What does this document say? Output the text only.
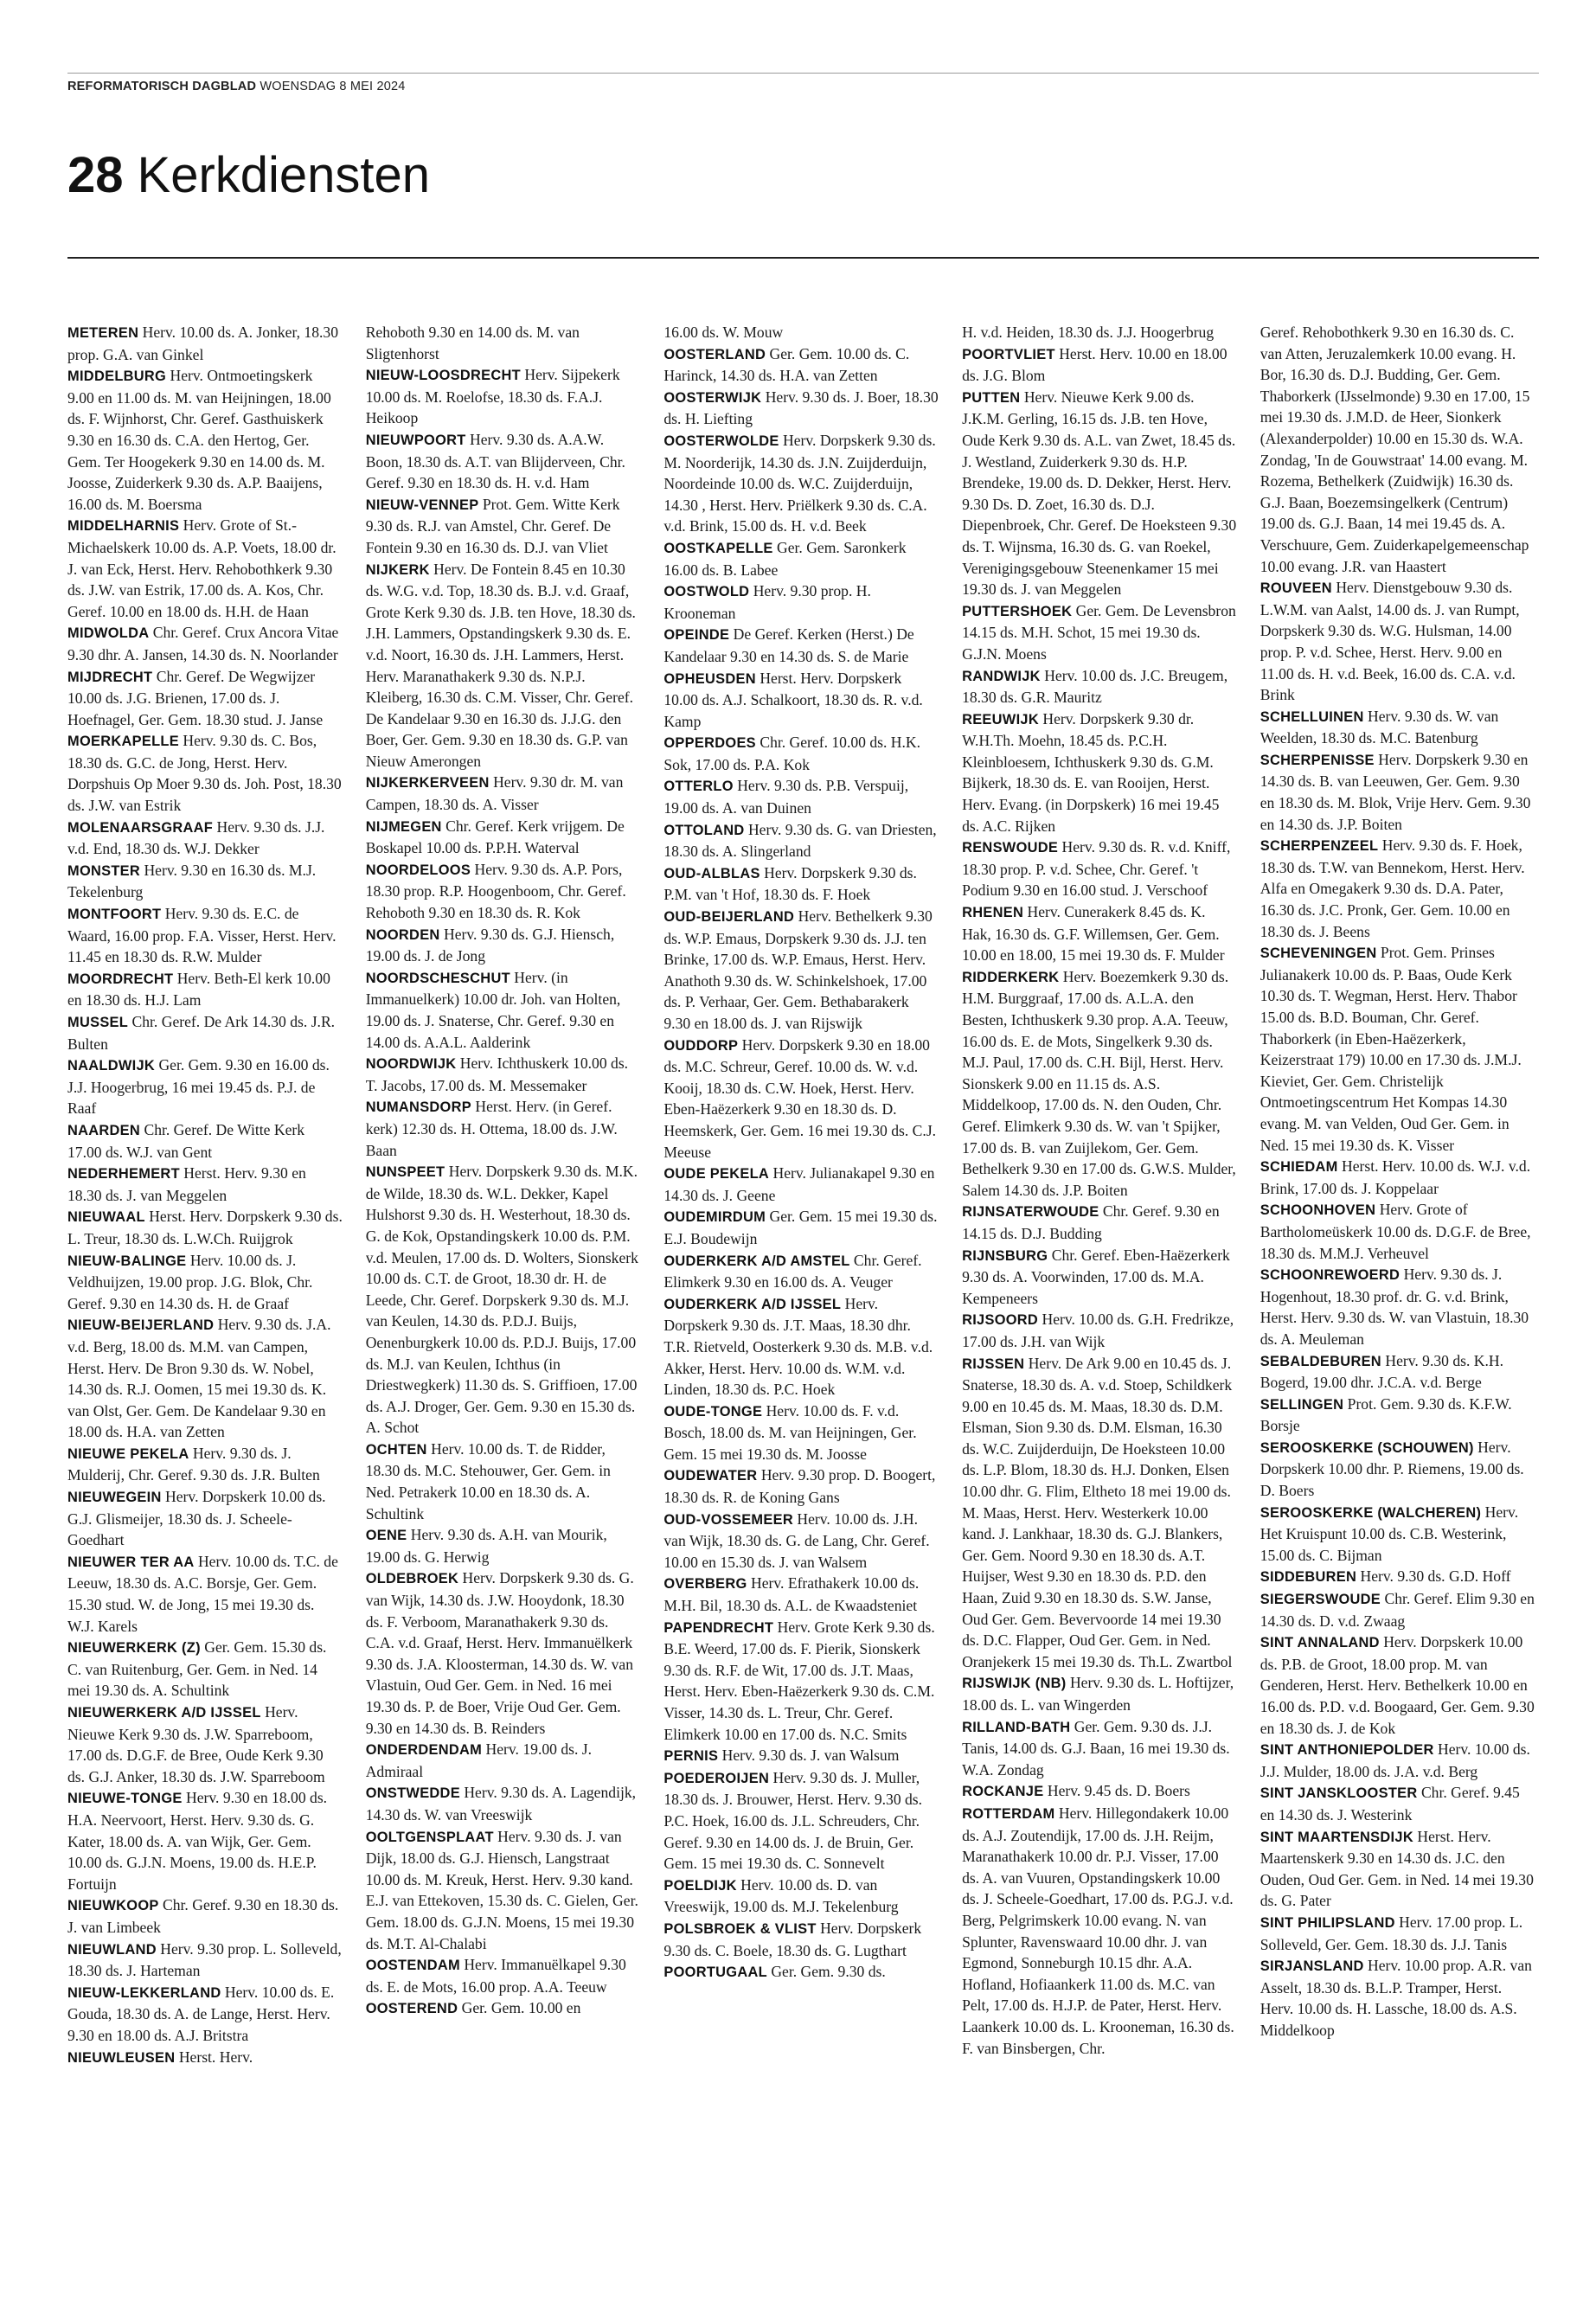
REFORMATORISCH DAGBLAD WOENSDAG 8 MEI 2024
28 Kerkdiensten
METEREN Herv. 10.00 ds. A. Jonker, 18.30 prop. G.A. van Ginkel
MIDDELBURG Herv. Ontmoetingskerk 9.00 en 11.00 ds. M. van Heijningen, 18.00 ds. F. Wijnhorst, Chr. Geref. Gasthuiskerk 9.30 en 16.30 ds. C.A. den Hertog, Ger. Gem. Ter Hoogekerk 9.30 en 14.00 ds. M. Joosse, Zuiderkerk 9.30 ds. A.P. Baaijens, 16.00 ds. M. Boersma
MIDDELHARNIS Herv. Grote of St.-Michaelskerk 10.00 ds. A.P. Voets, 18.00 dr. J. van Eck, Herst. Herv. Rehobothkerk 9.30 ds. J.W. van Estrik, 17.00 ds. A. Kos, Chr. Geref. 10.00 en 18.00 ds. H.H. de Haan
MIDWOLDA Chr. Geref. Crux Ancora Vitae 9.30 dhr. A. Jansen, 14.30 ds. N. Noorlander
MIJDRECHT Chr. Geref. De Wegwijzer 10.00 ds. J.G. Brienen, 17.00 ds. J. Hoefnagel, Ger. Gem. 18.30 stud. J. Janse
MOERKAPELLE Herv. 9.30 ds. C. Bos, 18.30 ds. G.C. de Jong, Herst. Herv. Dorpshuis Op Moer 9.30 ds. Joh. Post, 18.30 ds. J.W. van Estrik
MOLENAARSGRAAF Herv. 9.30 ds. J.J. v.d. End, 18.30 ds. W.J. Dekker
MONSTER Herv. 9.30 en 16.30 ds. M.J. Tekelenburg
MONTFOORT Herv. 9.30 ds. E.C. de Waard, 16.00 prop. F.A. Visser, Herst. Herv. 11.45 en 18.30 ds. R.W. Mulder
MOORDRECHT Herv. Beth-El kerk 10.00 en 18.30 ds. H.J. Lam
MUSSEL Chr. Geref. De Ark 14.30 ds. J.R. Bulten
NAALDWIJK Ger. Gem. 9.30 en 16.00 ds. J.J. Hoogerbrug, 16 mei 19.45 ds. P.J. de Raaf
NAARDEN Chr. Geref. De Witte Kerk 17.00 ds. W.J. van Gent
NEDERHEMERT Herst. Herv. 9.30 en 18.30 ds. J. van Meggelen
NIEUWAAL Herst. Herv. Dorpskerk 9.30 ds. L. Treur, 18.30 ds. L.W.Ch. Ruijgrok
NIEUW-BALINGE Herv. 10.00 ds. J. Veldhuijzen, 19.00 prop. J.G. Blok, Chr. Geref. 9.30 en 14.30 ds. H. de Graaf
NIEUW-BEIJERLAND Herv. 9.30 ds. J.A. v.d. Berg, 18.00 ds. M.M. van Campen, Herst. Herv. De Bron 9.30 ds. W. Nobel, 14.30 ds. R.J. Oomen, 15 mei 19.30 ds. K. van Olst, Ger. Gem. De Kandelaar 9.30 en 18.00 ds. H.A. van Zetten
NIEUWE PEKELA Herv. 9.30 ds. J. Mulderij, Chr. Geref. 9.30 ds. J.R. Bulten
NIEUWEGEIN Herv. Dorpskerk 10.00 ds. G.J. Glismeijer, 18.30 ds. J. Scheele-Goedhart
NIEUWER TER AA Herv. 10.00 ds. T.C. de Leeuw, 18.30 ds. A.C. Borsje, Ger. Gem. 15.30 stud. W. de Jong, 15 mei 19.30 ds. W.J. Karels
NIEUWERKERK (Z) Ger. Gem. 15.30 ds. C. van Ruitenburg, Ger. Gem. in Ned. 14 mei 19.30 ds. A. Schultink
NIEUWERKERK A/D IJSSEL Herv. Nieuwe Kerk 9.30 ds. J.W. Sparreboom, 17.00 ds. D.G.F. de Bree, Oude Kerk 9.30 ds. G.J. Anker, 18.30 ds. J.W. Sparreboom
NIEUWE-TONGE Herv. 9.30 en 18.00 ds. H.A. Neervoort, Herst. Herv. 9.30 ds. G. Kater, 18.00 ds. A. van Wijk, Ger. Gem. 10.00 ds. G.J.N. Moens, 19.00 ds. H.E.P. Fortuijn
NIEUWKOOP Chr. Geref. 9.30 en 18.30 ds. J. van Limbeek
NIEUWLAND Herv. 9.30 prop. L. Solleveld, 18.30 ds. J. Harteman
NIEUW-LEKKERLAND Herv. 10.00 ds. E. Gouda, 18.30 ds. A. de Lange, Herst. Herv. 9.30 en 18.00 ds. A.J. Britstra
NIEUWLEUSEN Herst. Herv.
Rehoboth 9.30 en 14.00 ds. M. van Sligtenhorst
NIEUW-LOOSDRECHT Herv. Sijpekerk 10.00 ds. M. Roelofse, 18.30 ds. F.A.J. Heikoop
NIEUWPOORT Herv. 9.30 ds. A.A.W. Boon, 18.30 ds. A.T. van Blijderveen, Chr. Geref. 9.30 en 18.30 ds. H. v.d. Ham
NIEUW-VENNEP Prot. Gem. Witte Kerk 9.30 ds. R.J. van Amstel, Chr. Geref. De Fontein 9.30 en 16.30 ds. D.J. van Vliet
NIJKERK Herv. De Fontein 8.45 en 10.30 ds. W.G. v.d. Top, 18.30 ds. B.J. v.d. Graaf, Grote Kerk 9.30 ds. J.B. ten Hove, 18.30 ds. J.H. Lammers, Opstandingskerk 9.30 ds. E. v.d. Noort, 16.30 ds. J.H. Lammers, Herst. Herv. Maranathakerk 9.30 ds. N.P.J. Kleiberg, 16.30 ds. C.M. Visser, Chr. Geref. De Kandelaar 9.30 en 16.30 ds. J.J.G. den Boer, Ger. Gem. 9.30 en 18.30 ds. G.P. van Nieuw Amerongen
NIJKERKERVEEN Herv. 9.30 dr. M. van Campen, 18.30 ds. A. Visser
NIJMEGEN Chr. Geref. Kerk vrijgem. De Boskapel 10.00 ds. P.P.H. Waterval
NOORDELOOS Herv. 9.30 ds. A.P. Pors, 18.30 prop. R.P. Hoogenboom, Chr. Geref. Rehoboth 9.30 en 18.30 ds. R. Kok
NOORDEN Herv. 9.30 ds. G.J. Hiensch, 19.00 ds. J. de Jong
NOORDSCHESCHUT Herv. (in Immanuelkerk) 10.00 dr. Joh. van Holten, 19.00 ds. J. Snaterse, Chr. Geref. 9.30 en 14.00 ds. A.A.L. Aalderink
NOORDWIJK Herv. Ichthuskerk 10.00 ds. T. Jacobs, 17.00 ds. M. Messemaker
NUMANSDORP Herst. Herv. (in Geref. kerk) 12.30 ds. H. Ottema, 18.00 ds. J.W. Baan
NUNSPEET Herv. Dorpskerk 9.30 ds. M.K. de Wilde, 18.30 ds. W.L. Dekker, Kapel Hulshorst 9.30 ds. H. Westerhout, 18.30 ds. G. de Kok, Opstandingskerk 10.00 ds. P.M. v.d. Meulen, 17.00 ds. D. Wolters, Sionskerk 10.00 ds. C.T. de Groot, 18.30 dr. H. de Leede, Chr. Geref. Dorpskerk 9.30 ds. M.J. van Keulen, 14.30 ds. P.D.J. Buijs, Oenenburgkerk 10.00 ds. P.D.J. Buijs, 17.00 ds. M.J. van Keulen, Ichthus (in Driestwegkerk) 11.30 ds. S. Griffioen, 17.00 ds. A.J. Droger, Ger. Gem. 9.30 en 15.30 ds. A. Schot
OCHTEN Herv. 10.00 ds. T. de Ridder, 18.30 ds. M.C. Stehouwer, Ger. Gem. in Ned. Petrakerk 10.00 en 18.30 ds. A. Schultink
OENE Herv. 9.30 ds. A.H. van Mourik, 19.00 ds. G. Herwig
OLDEBROEK Herv. Dorpskerk 9.30 ds. G. van Wijk, 14.30 ds. J.W. Hooydonk, 18.30 ds. F. Verboom, Maranathakerk 9.30 ds. C.A. v.d. Graaf, Herst. Herv. Immanuëlkerk 9.30 ds. J.A. Kloosterman, 14.30 ds. W. van Vlastuin, Oud Ger. Gem. in Ned. 16 mei 19.30 ds. P. de Boer, Vrije Oud Ger. Gem. 9.30 en 14.30 ds. B. Reinders
ONDERDENDAM Herv. 19.00 ds. J. Admiraal
ONSTWEDDE Herv. 9.30 ds. A. Lagendijk, 14.30 ds. W. van Vreeswijk
OOLTGENSPLAAT Herv. 9.30 ds. J. van Dijk, 18.00 ds. G.J. Hiensch, Langstraat 10.00 ds. M. Kreuk, Herst. Herv. 9.30 kand. E.J. van Ettekoven, 15.30 ds. C. Gielen, Ger. Gem. 18.00 ds. G.J.N. Moens, 15 mei 19.30 ds. M.T. Al-Chalabi
OOSTENDAM Herv. Immanuëlkapel 9.30 ds. E. de Mots, 16.00 prop. A.A. Teeuw
OOSTEREND Ger. Gem. 10.00 en
16.00 ds. W. Mouw
OOSTERLAND Ger. Gem. 10.00 ds. C. Harinck, 14.30 ds. H.A. van Zetten
OOSTERWIJK Herv. 9.30 ds. J. Boer, 18.30 ds. H. Liefting
OOSTERWOLDE Herv. Dorpskerk 9.30 ds. M. Noorderijk, 14.30 ds. J.N. Zuijderduijn, Noordeinde 10.00 ds. W.C. Zuijderduijn, 14.30 , Herst. Herv. Priëlkerk 9.30 ds. C.A. v.d. Brink, 15.00 ds. H. v.d. Beek
OOSTKAPELLE Ger. Gem. Saronkerk 16.00 ds. B. Labee
OOSTWOLD Herv. 9.30 prop. H. Krooneman
OPEINDE De Geref. Kerken (Herst.) De Kandelaar 9.30 en 14.30 ds. S. de Marie
OPHEUSDEN Herst. Herv. Dorpskerk 10.00 ds. A.J. Schalkoort, 18.30 ds. R. v.d. Kamp
OPPERDOES Chr. Geref. 10.00 ds. H.K. Sok, 17.00 ds. P.A. Kok
OTTERLO Herv. 9.30 ds. P.B. Verspuij, 19.00 ds. A. van Duinen
OTTOLAND Herv. 9.30 ds. G. van Driesten, 18.30 ds. A. Slingerland
OUD-ALBLAS Herv. Dorpskerk 9.30 ds. P.M. van 't Hof, 18.30 ds. F. Hoek
OUD-BEIJERLAND Herv. Bethelkerk 9.30 ds. W.P. Emaus, Dorpskerk 9.30 ds. J.J. ten Brinke, 17.00 ds. W.P. Emaus, Herst. Herv. Anathoth 9.30 ds. W. Schinkelshoek, 17.00 ds. P. Verhaar, Ger. Gem. Bethabarakerk 9.30 en 18.00 ds. J. van Rijswijk
OUDDORP Herv. Dorpskerk 9.30 en 18.00 ds. M.C. Schreur, Geref. 10.00 ds. W. v.d. Kooij, 18.30 ds. C.W. Hoek, Herst. Herv. Eben-Haëzerkerk 9.30 en 18.30 ds. D. Heemskerk, Ger. Gem. 16 mei 19.30 ds. C.J. Meeuse
OUDE PEKELA Herv. Julianakapel 9.30 en 14.30 ds. J. Geene
OUDEMIRDUM Ger. Gem. 15 mei 19.30 ds. E.J. Boudewijn
OUDERKERK A/D AMSTEL Chr. Geref. Elimkerk 9.30 en 16.00 ds. A. Veuger
OUDERKERK A/D IJSSEL Herv. Dorpskerk 9.30 ds. J.T. Maas, 18.30 dhr. T.R. Rietveld, Oosterkerk 9.30 ds. M.B. v.d. Akker, Herst. Herv. 10.00 ds. W.M. v.d. Linden, 18.30 ds. P.C. Hoek
OUDE-TONGE Herv. 10.00 ds. F. v.d. Bosch, 18.00 ds. M. van Heijningen, Ger. Gem. 15 mei 19.30 ds. M. Joosse
OUDEWATER Herv. 9.30 prop. D. Boogert, 18.30 ds. R. de Koning Gans
OUD-VOSSEMEER Herv. 10.00 ds. J.H. van Wijk, 18.30 ds. G. de Lang, Chr. Geref. 10.00 en 15.30 ds. J. van Walsem
OVERBERG Herv. Efrathakerk 10.00 ds. M.H. Bil, 18.30 ds. A.L. de Kwaadsteniet
PAPENDRECHT Herv. Grote Kerk 9.30 ds. B.E. Weerd, 17.00 ds. F. Pierik, Sionskerk 9.30 ds. R.F. de Wit, 17.00 ds. J.T. Maas, Herst. Herv. Eben-Haëzerkerk 9.30 ds. C.M. Visser, 14.30 ds. L. Treur, Chr. Geref. Elimkerk 10.00 en 17.00 ds. N.C. Smits
PERNIS Herv. 9.30 ds. J. van Walsum
POEDEROIJEN Herv. 9.30 ds. J. Muller, 18.30 ds. J. Brouwer, Herst. Herv. 9.30 ds. P.C. Hoek, 16.00 ds. J.L. Schreuders, Chr. Geref. 9.30 en 14.00 ds. J. de Bruin, Ger. Gem. 15 mei 19.30 ds. C. Sonnevelt
POELDIJK Herv. 10.00 ds. D. van Vreeswijk, 19.00 ds. M.J. Tekelenburg
POLSBROEK & VLIST Herv. Dorpskerk 9.30 ds. C. Boele, 18.30 ds. G. Lugthart
POORTUGAAL Ger. Gem. 9.30 ds.
H. v.d. Heiden, 18.30 ds. J.J. Hoogerbrug
POORTVLIET Herst. Herv. 10.00 en 18.00 ds. J.G. Blom
PUTTEN Herv. Nieuwe Kerk 9.00 ds. J.K.M. Gerling, 16.15 ds. J.B. ten Hove, Oude Kerk 9.30 ds. A.L. van Zwet, 18.45 ds. J. Westland, Zuiderkerk 9.30 ds. H.P. Brendeke, 19.00 ds. D. Dekker, Herst. Herv. 9.30 Ds. D. Zoet, 16.30 ds. D.J. Diepenbroek, Chr. Geref. De Hoeksteen 9.30 ds. T. Wijnsma, 16.30 ds. G. van Roekel, Verenigingsgebouw Steenenkamer 15 mei 19.30 ds. J. van Meggelen
PUTTERSHOEK Ger. Gem. De Levensbron 14.15 ds. M.H. Schot, 15 mei 19.30 ds. G.J.N. Moens
RANDWIJK Herv. 10.00 ds. J.C. Breugem, 18.30 ds. G.R. Mauritz
REEUWIJK Herv. Dorpskerk 9.30 dr. W.H.Th. Moehn, 18.45 ds. P.C.H. Kleinbloesem, Ichthuskerk 9.30 ds. G.M. Bijkerk, 18.30 ds. E. van Rooijen, Herst. Herv. Evang. (in Dorpskerk) 16 mei 19.45 ds. A.C. Rijken
RENSWOUDE Herv. 9.30 ds. R. v.d. Kniff, 18.30 prop. P. v.d. Schee, Chr. Geref. 't Podium 9.30 en 16.00 stud. J. Verschoof
RHENEN Herv. Cunerakerk 8.45 ds. K. Hak, 16.30 ds. G.F. Willemsen, Ger. Gem. 10.00 en 18.00, 15 mei 19.30 ds. F. Mulder
RIDDERKERK Herv. Boezemkerk 9.30 ds. H.M. Burggraaf, 17.00 ds. A.L.A. den Besten, Ichthuskerk 9.30 prop. A.A. Teeuw, 16.00 ds. E. de Mots, Singelkerk 9.30 ds. M.J. Paul, 17.00 ds. C.H. Bijl, Herst. Herv. Sionskerk 9.00 en 11.15 ds. A.S. Middelkoop, 17.00 ds. N. den Ouden, Chr. Geref. Elimkerk 9.30 ds. W. van 't Spijker, 17.00 ds. B. van Zuijlekom, Ger. Gem. Bethelkerk 9.30 en 17.00 ds. G.W.S. Mulder, Salem 14.30 ds. J.P. Boiten
RIJNSATERWOUDE Chr. Geref. 9.30 en 14.15 ds. D.J. Budding
RIJNSBURG Chr. Geref. Eben-Haëzerkerk 9.30 ds. A. Voorwinden, 17.00 ds. M.A. Kempeneers
RIJSOORD Herv. 10.00 ds. G.H. Fredrikze, 17.00 ds. J.H. van Wijk
RIJSSEN Herv. De Ark 9.00 en 10.45 ds. J. Snaterse, 18.30 ds. A. v.d. Stoep, Schildkerk 9.00 en 10.45 ds. M. Maas, 18.30 ds. D.M. Elsman, Sion 9.30 ds. D.M. Elsman, 16.30 ds. W.C. Zuijderduijn, De Hoeksteen 10.00 ds. L.P. Blom, 18.30 ds. H.J. Donken, Elsen 10.00 dhr. G. Flim, Eltheto 18 mei 19.00 ds. M. Maas, Herst. Herv. Westerkerk 10.00 kand. J. Lankhaar, 18.30 ds. G.J. Blankers, Ger. Gem. Noord 9.30 en 18.30 ds. A.T. Huijser, West 9.30 en 18.30 ds. P.D. den Haan, Zuid 9.30 en 18.30 ds. S.W. Janse, Oud Ger. Gem. Bevervoorde 14 mei 19.30 ds. D.C. Flapper, Oud Ger. Gem. in Ned. Oranjekerk 15 mei 19.30 ds. Th.L. Zwartbol
RIJSWIJK (NB) Herv. 9.30 ds. L. Hoftijzer, 18.00 ds. L. van Wingerden
RILLAND-BATH Ger. Gem. 9.30 ds. J.J. Tanis, 14.00 ds. G.J. Baan, 16 mei 19.30 ds. W.A. Zondag
ROCKANJE Herv. 9.45 ds. D. Boers
ROTTERDAM Herv. Hillegondakerk 10.00 ds. A.J. Zoutendijk, 17.00 ds. J.H. Reijm, Maranathakerk 10.00 dr. P.J. Visser, 17.00 ds. A. van Vuuren, Opstandingskerk 10.00 ds. J. Scheele-Goedhart, 17.00 ds. P.G.J. v.d. Berg, Pelgrimskerk 10.00 evang. N. van Splunter, Ravenswaard 10.00 dhr. J. van Egmond, Sonneburgh 10.15 dhr. A.A. Hofland, Hofiaankerk 11.00 ds. M.C. van Pelt, 17.00 ds. H.J.P. de Pater, Herst. Herv. Laankerk 10.00 ds. L. Krooneman, 16.30 ds. F. van Binsbergen, Chr.
Geref. Rehobothkerk 9.30 en 16.30 ds. C. van Atten, Jeruzalemkerk 10.00 evang. H. Bor, 16.30 ds. D.J. Budding, Ger. Gem. Thaborkerk (IJsselmonde) 9.30 en 17.00, 15 mei 19.30 ds. J.M.D. de Heer, Sionkerk (Alexanderpolder) 10.00 en 15.30 ds. W.A. Zondag, 'In de Gouwstraat' 14.00 evang. M. Rozema, Bethelkerk (Zuidwijk) 16.30 ds. G.J. Baan, Boezemsingelkerk (Centrum) 19.00 ds. G.J. Baan, 14 mei 19.45 ds. A. Verschuure, Gem. Zuiderkapelgemeenschap 10.00 evang. J.R. van Haastert
ROUVEEN Herv. Dienstgebouw 9.30 ds. L.W.M. van Aalst, 14.00 ds. J. van Rumpt, Dorpskerk 9.30 ds. W.G. Hulsman, 14.00 prop. P. v.d. Schee, Herst. Herv. 9.00 en 11.00 ds. H. v.d. Beek, 16.00 ds. C.A. v.d. Brink
SCHELLUINEN Herv. 9.30 ds. W. van Weelden, 18.30 ds. M.C. Batenburg
SCHERPENISSE Herv. Dorpskerk 9.30 en 14.30 ds. B. van Leeuwen, Ger. Gem. 9.30 en 18.30 ds. M. Blok, Vrije Herv. Gem. 9.30 en 14.30 ds. J.P. Boiten
SCHERPENZEEL Herv. 9.30 ds. F. Hoek, 18.30 ds. T.W. van Bennekom, Herst. Herv. Alfa en Omegakerk 9.30 ds. D.A. Pater, 16.30 ds. J.C. Pronk, Ger. Gem. 10.00 en 18.30 ds. J. Beens
SCHEVENINGEN Prot. Gem. Prinses Julianakerk 10.00 ds. P. Baas, Oude Kerk 10.30 ds. T. Wegman, Herst. Herv. Thabor 15.00 ds. B.D. Bouman, Chr. Geref. Thaborkerk (in Eben-Haëzerkerk, Keizerstraat 179) 10.00 en 17.30 ds. J.M.J. Kieviet, Ger. Gem. Christelijk Ontmoetingscentrum Het Kompas 14.30 evang. M. van Velden, Oud Ger. Gem. in Ned. 15 mei 19.30 ds. K. Visser
SCHIEDAM Herst. Herv. 10.00 ds. W.J. v.d. Brink, 17.00 ds. J. Koppelaar
SCHOONHOVEN Herv. Grote of Bartholomeüskerk 10.00 ds. D.G.F. de Bree, 18.30 ds. M.M.J. Verheuvel
SCHOONREWOERD Herv. 9.30 ds. J. Hogenhout, 18.30 prof. dr. G. v.d. Brink, Herst. Herv. 9.30 ds. W. van Vlastuin, 18.30 ds. A. Meuleman
SEBALDEBUREN Herv. 9.30 ds. K.H. Bogerd, 19.00 dhr. J.C.A. v.d. Berge
SELLINGEN Prot. Gem. 9.30 ds. K.F.W. Borsje
SEROOSKERKE (SCHOUWEN) Herv. Dorpskerk 10.00 dhr. P. Riemens, 19.00 ds. D. Boers
SEROOSKERKE (WALCHEREN) Herv. Het Kruispunt 10.00 ds. C.B. Westerink, 15.00 ds. C. Bijman
SIDDEBUREN Herv. 9.30 ds. G.D. Hoff
SIEGERSWOUDE Chr. Geref. Elim 9.30 en 14.30 ds. D. v.d. Zwaag
SINT ANNALAND Herv. Dorpskerk 10.00 ds. P.B. de Groot, 18.00 prop. M. van Genderen, Herst. Herv. Bethelkerk 10.00 en 16.00 ds. P.D. v.d. Boogaard, Ger. Gem. 9.30 en 18.30 ds. J. de Kok
SINT ANTHONIEPOLDER Herv. 10.00 ds. J.J. Mulder, 18.00 ds. J.A. v.d. Berg
SINT JANSKLOOSTER Chr. Geref. 9.45 en 14.30 ds. J. Westerink
SINT MAARTENSDIJK Herst. Herv. Maartenskerk 9.30 en 14.30 ds. J.C. den Ouden, Oud Ger. Gem. in Ned. 14 mei 19.30 ds. G. Pater
SINT PHILIPSLAND Herv. 17.00 prop. L. Solleveld, Ger. Gem. 18.30 ds. J.J. Tanis
SIRJANSLAND Herv. 10.00 prop. A.R. van Asselt, 18.30 ds. B.L.P. Tramper, Herst. Herv. 10.00 ds. H. Lassche, 18.00 ds. A.S. Middelkoop
